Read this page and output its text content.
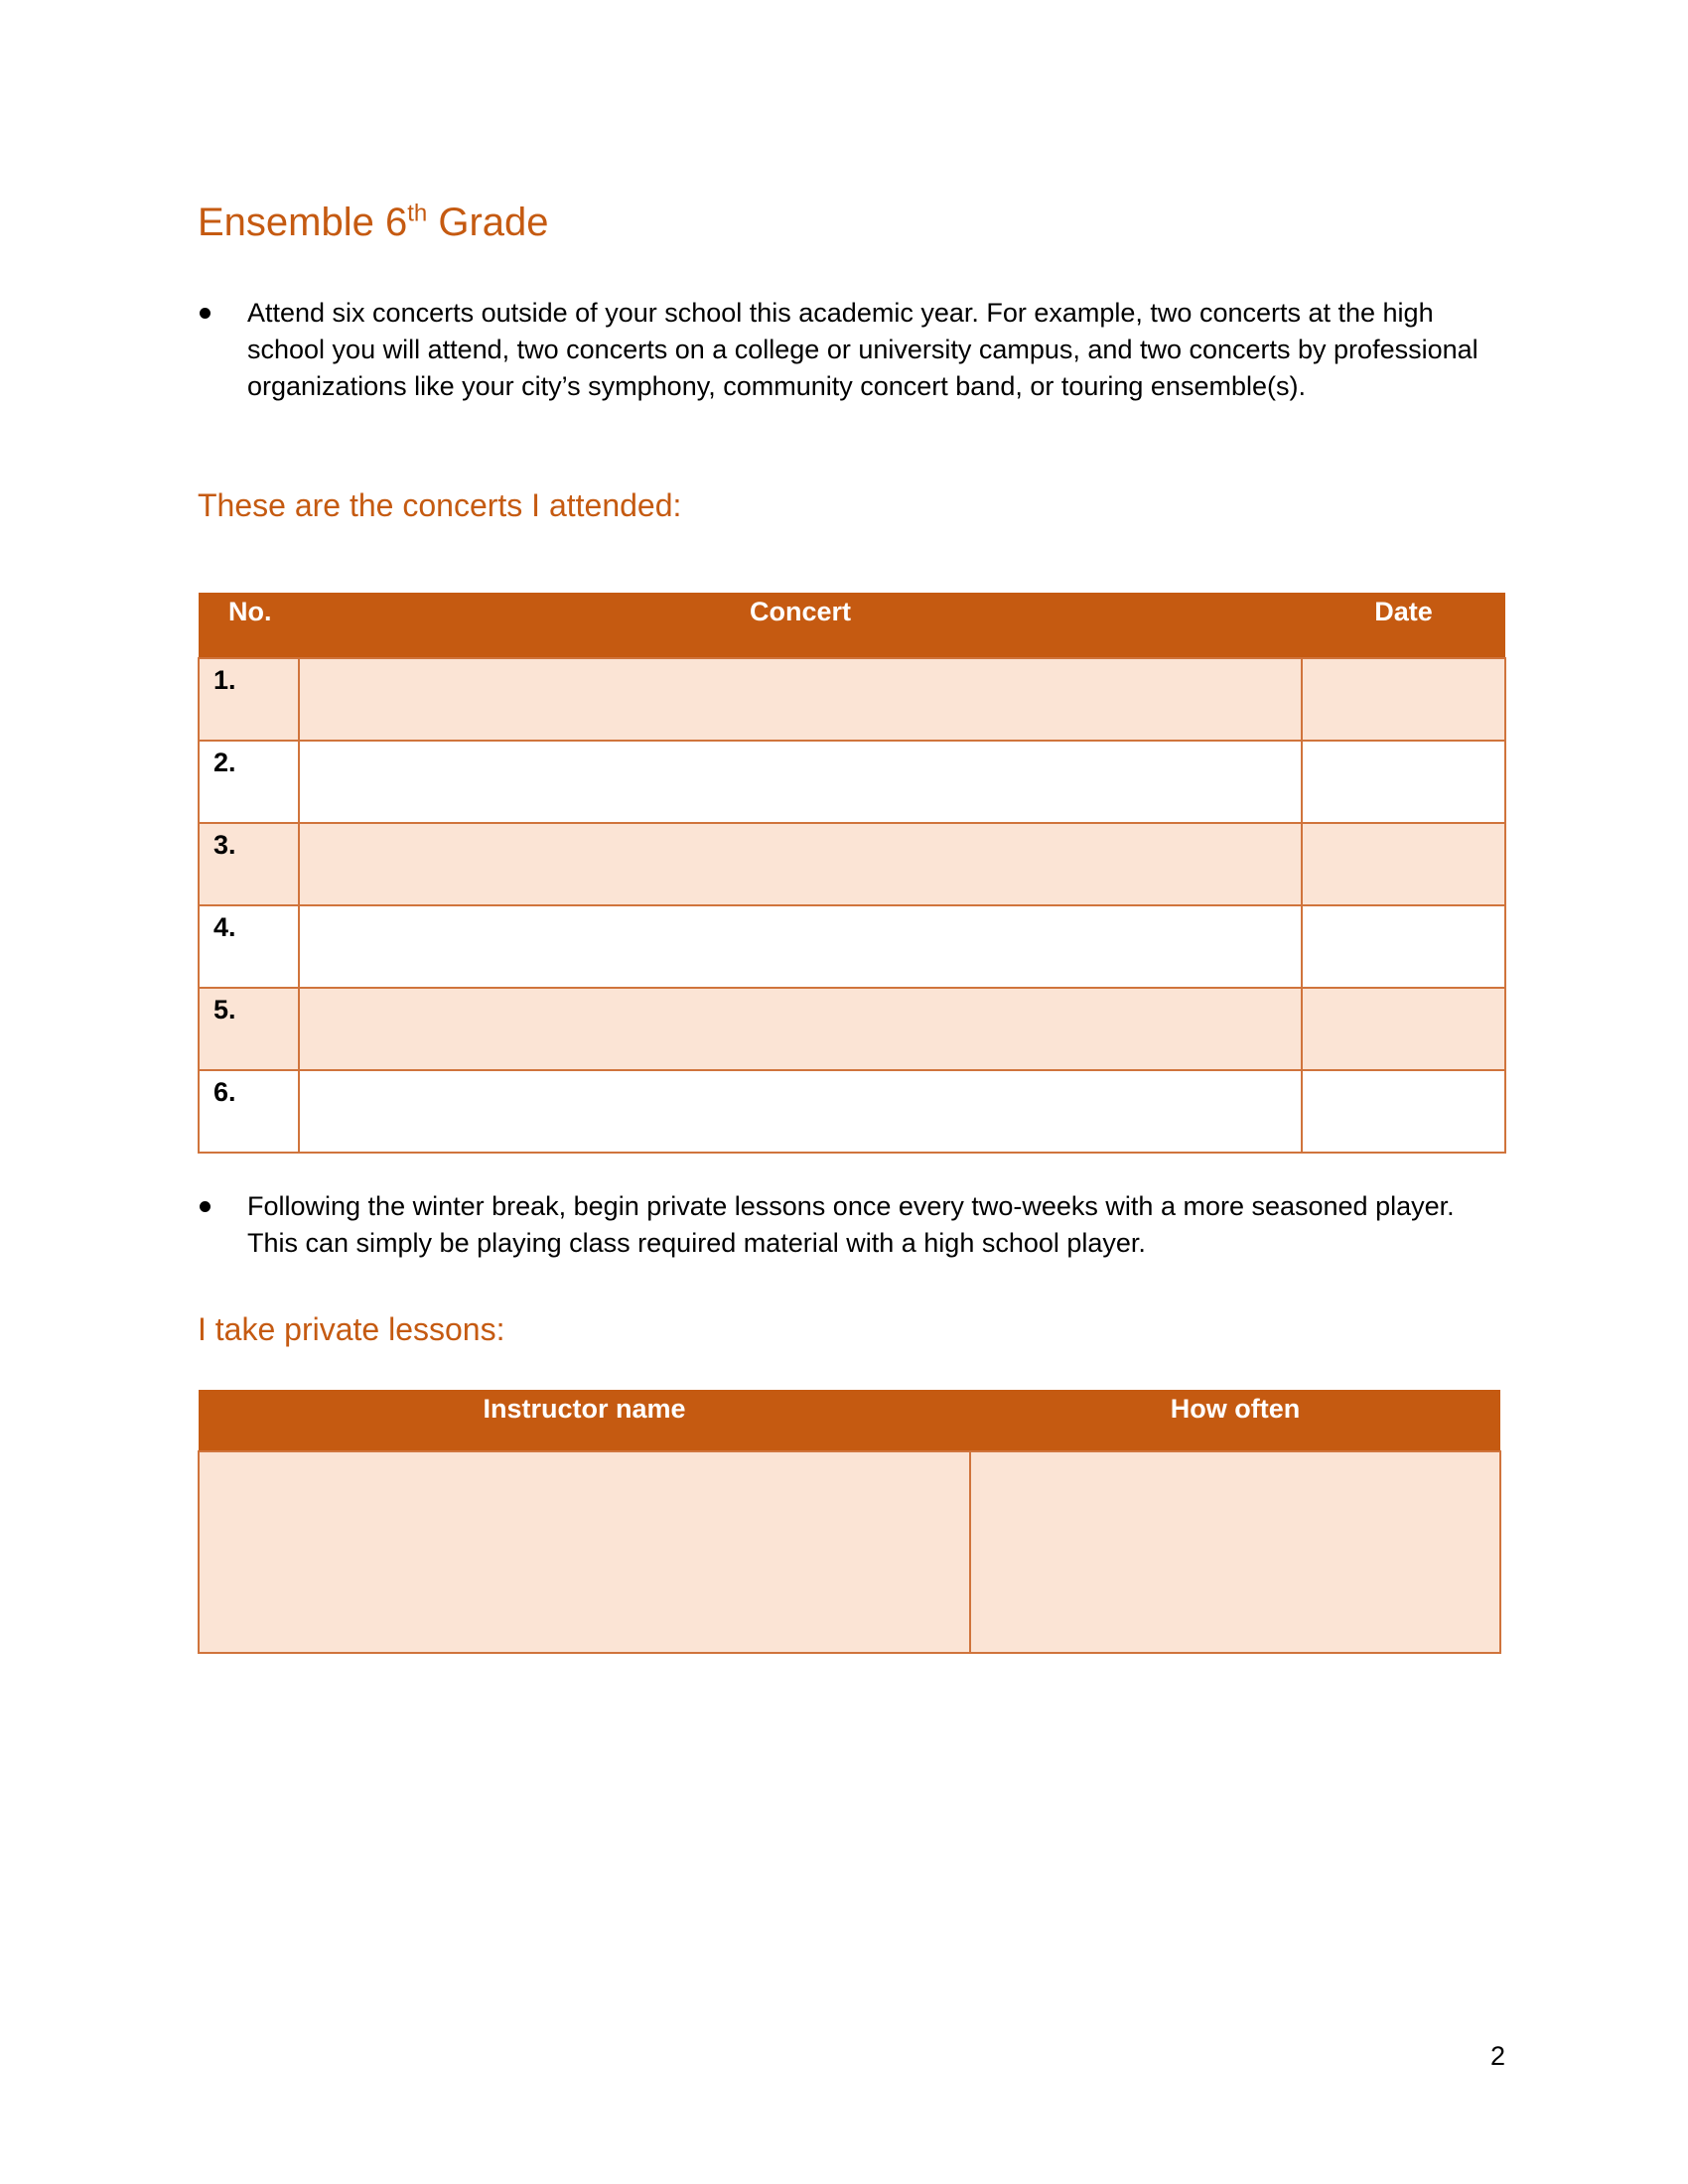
Ensemble 6th Grade
Attend six concerts outside of your school this academic year. For example, two concerts at the high school you will attend, two concerts on a college or university campus, and two concerts by professional organizations like your city’s symphony, community concert band, or touring ensemble(s).
These are the concerts I attended:
No.	Concert	Date
1.		
2.		
3.		
4.		
5.		
6.		
Following the winter break, begin private lessons once every two-weeks with a more seasoned player. This can simply be playing class required material with a high school player.
I take private lessons:
Instructor name	How often

2
